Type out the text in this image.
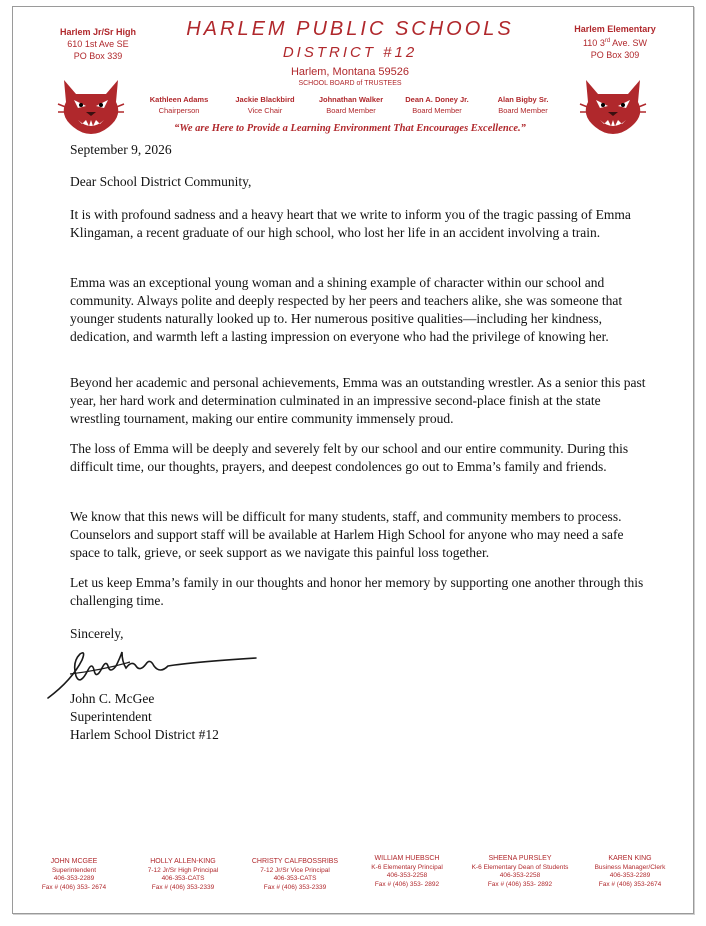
Harlem Jr/Sr High
610 1st Ave SE
PO Box 339
Harlem Elementary
110 3rd Ave. SW
PO Box 309
HARLEM PUBLIC SCHOOLS
DISTRICT #12
Harlem, Montana 59526
SCHOOL BOARD of TRUSTEES
Kathleen Adams
Chairperson
Jackie Blackbird
Vice Chair
Johnathan Walker
Board Member
Dean A. Doney Jr.
Board Member
Alan Bigby Sr.
Board Member
“We are Here to Provide a Learning Environment That Encourages Excellence.”
September 9, 2026
Dear School District Community,

It is with profound sadness and a heavy heart that we write to inform you of the tragic passing of Emma Klingaman, a recent graduate of our high school, who lost her life in an accident involving a train.

Emma was an exceptional young woman and a shining example of character within our school and community. Always polite and deeply respected by her peers and teachers alike, she was someone that younger students naturally looked up to. Her numerous positive qualities—including her kindness, dedication, and warmth left a lasting impression on everyone who had the privilege of knowing her.

Beyond her academic and personal achievements, Emma was an outstanding wrestler. As a senior this past year, her hard work and determination culminated in an impressive second-place finish at the state wrestling tournament, making our entire community immensely proud.

The loss of Emma will be deeply and severely felt by our school and our entire community. During this difficult time, our thoughts, prayers, and deepest condolences go out to Emma’s family and friends.

We know that this news will be difficult for many students, staff, and community members to process. Counselors and support staff will be available at Harlem High School for anyone who may need a safe space to talk, grieve, or seek support as we navigate this painful loss together.

Let us keep Emma’s family in our thoughts and honor her memory by supporting one another through this challenging time.

Sincerely,
John C. McGee
Superintendent
Harlem School District #12
JOHN MCGEE
Superintendent
406-353-2289
Fax # (406) 353- 2674
HOLLY ALLEN-KING
7-12 Jr/Sr High Principal
406-353-CATS
Fax # (406) 353-2339
CHRISTY CALFBOSSRIBS
7-12 Jr/Sr Vice Principal
406-353-CATS
Fax # (406) 353-2339
WILLIAM HUEBSCH
K-6 Elementary Principal
406-353-2258
Fax # (406) 353- 2892
SHEENA PURSLEY
K-6 Elementary Dean of Students
406-353-2258
Fax # (406) 353- 2892
KAREN KING
Business Manager/Clerk
406-353-2289
Fax # (406) 353-2674
